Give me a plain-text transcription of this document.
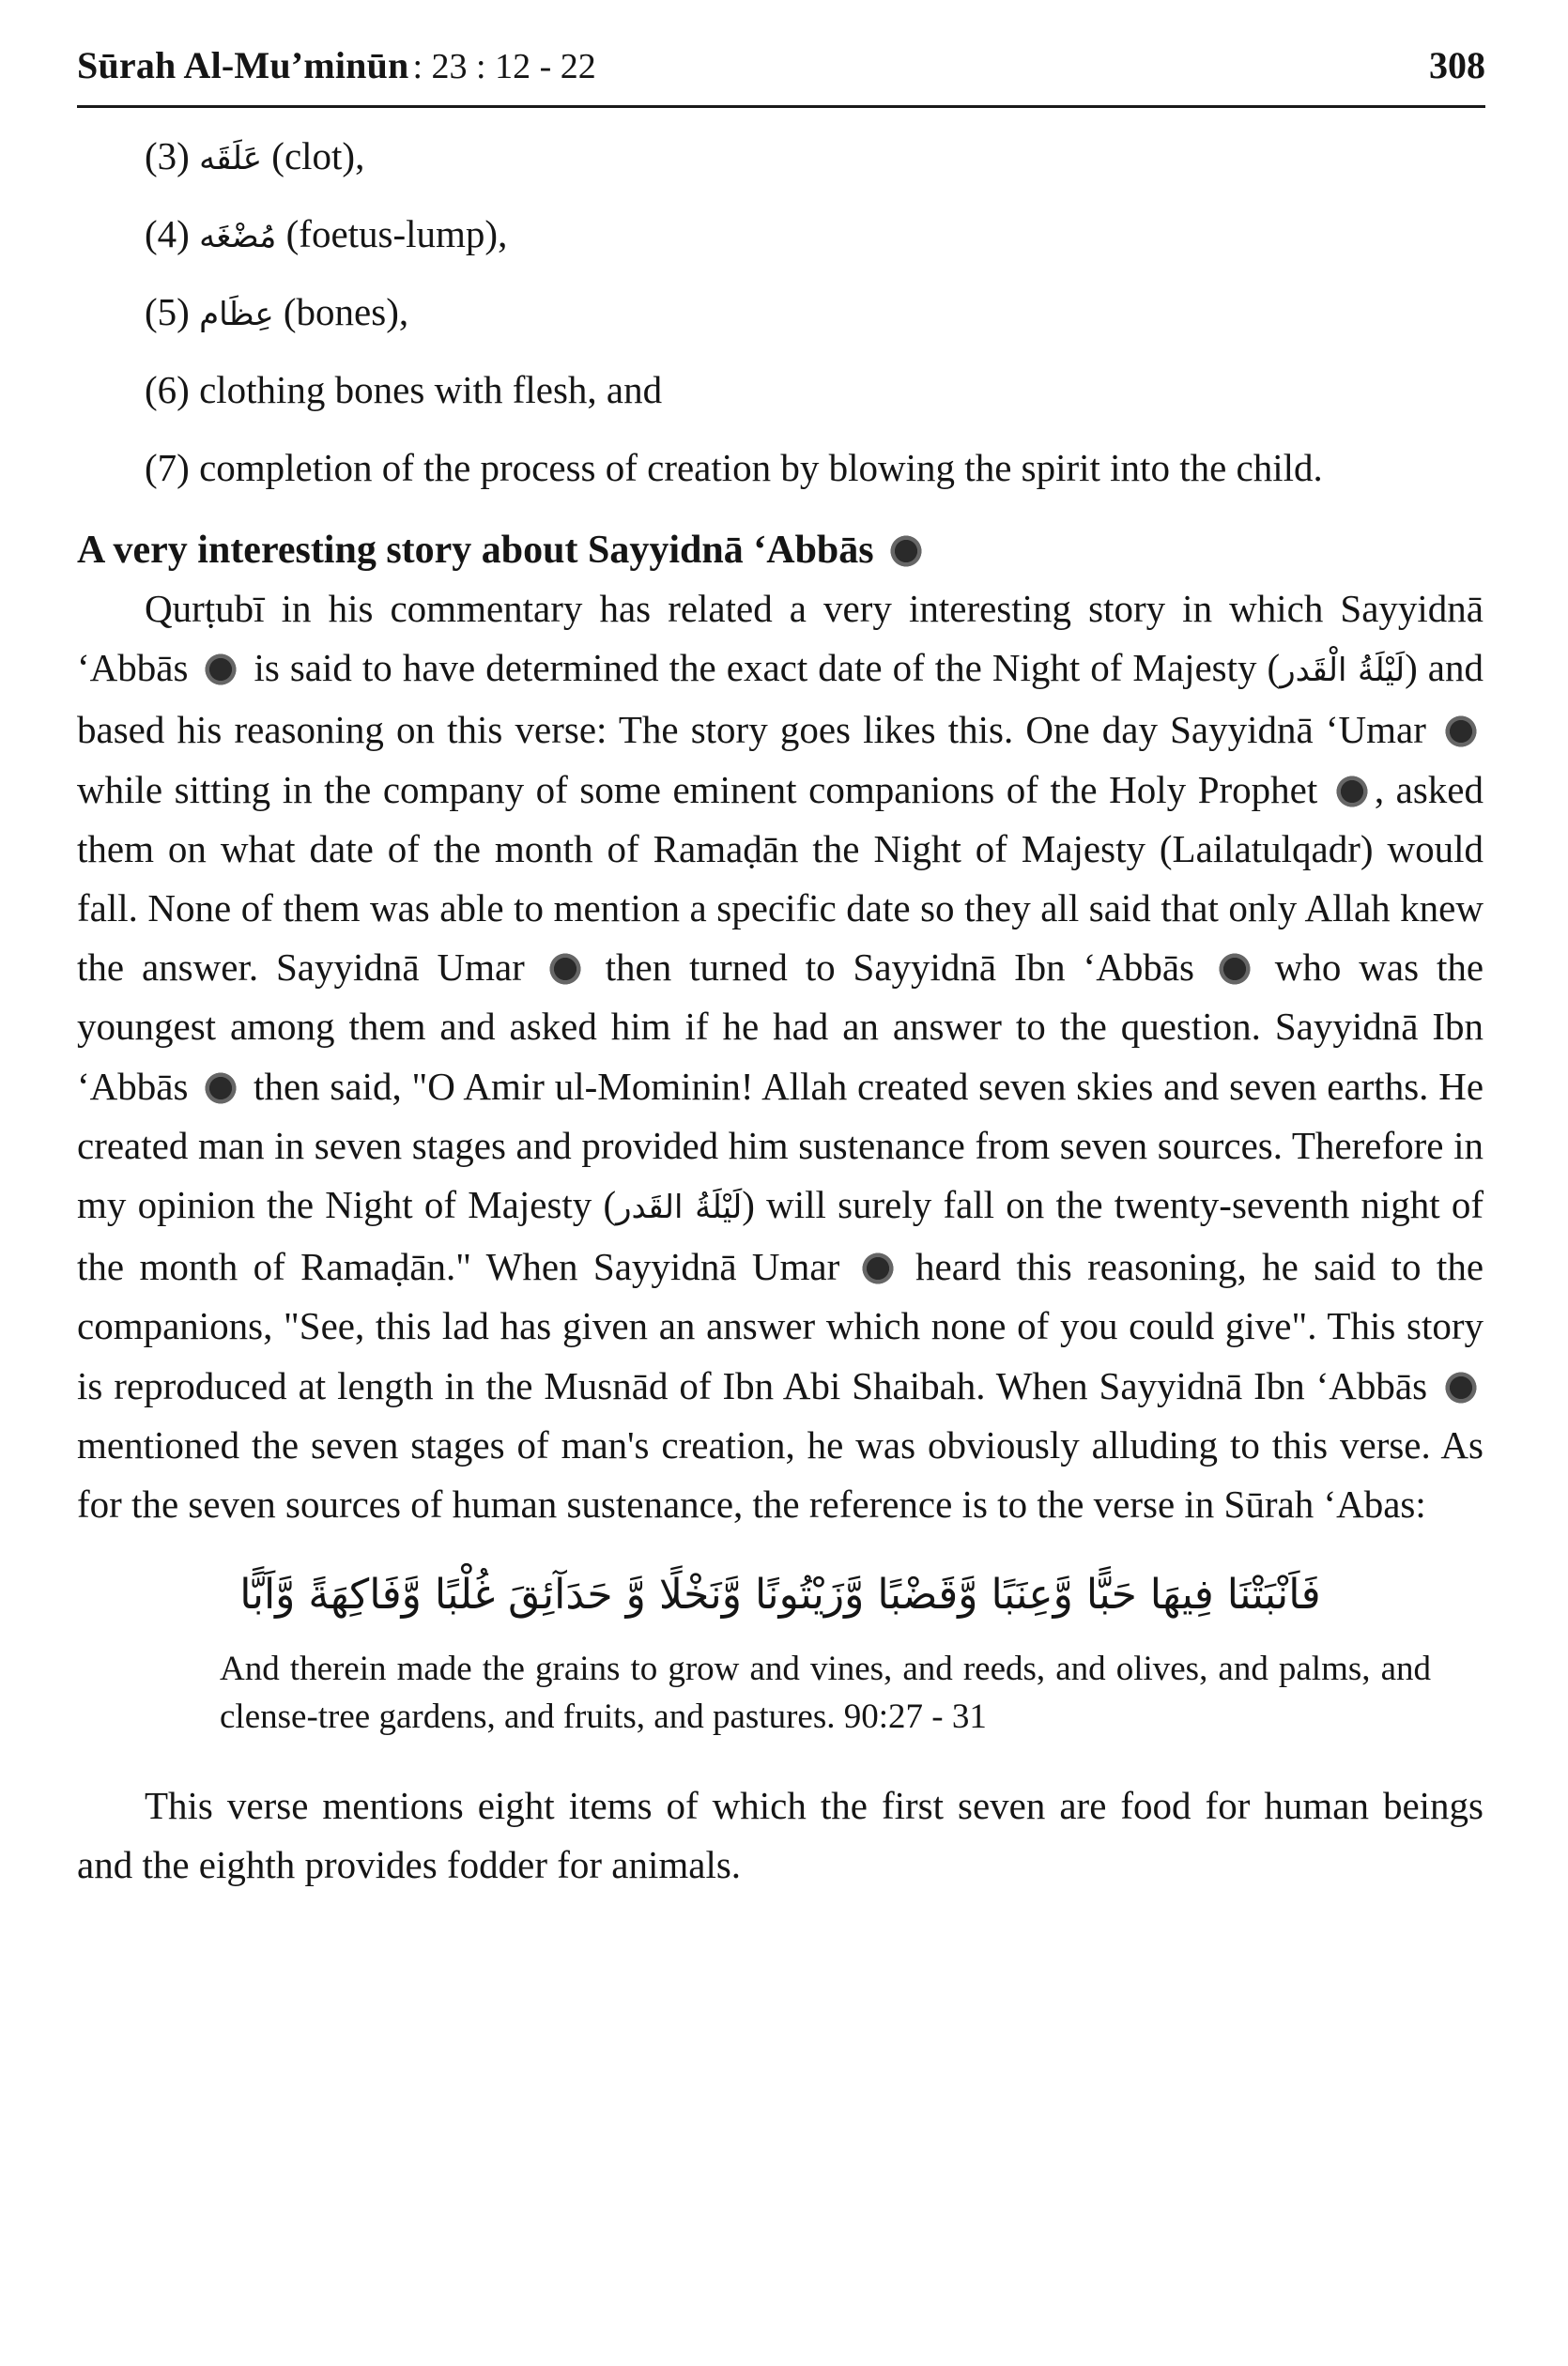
Sūrah Al-Mu’minūn : 23 : 12 - 22	308
(3) عَلَقَه (clot),
(4) مُضْغَه (foetus-lump),
(5) عِظَام (bones),
(6) clothing bones with flesh, and
(7) completion of the process of creation by blowing the spirit into the child.
A very interesting story about Sayyidnā ‘Abbās

Qurṭubī in his commentary has related a very interesting story in which Sayyidnā ‘Abbās is said to have determined the exact date of the Night of Majesty (لَيْلَةُ الْقَدر) and based his reasoning on this verse: The story goes likes this. One day Sayyidnā ‘Umar  while sitting in the company of some eminent companions of the Holy Prophet , asked them on what date of the month of Ramaḍān the Night of Majesty (Lailatulqadr) would fall. None of them was able to mention a specific date so they all said that only Allah knew the answer. Sayyidnā Umar then turned to Sayyidnā Ibn ‘Abbās who was the youngest among them and asked him if he had an answer to the question. Sayyidnā Ibn ‘Abbās then said, "O Amir ul-Mominin! Allah created seven skies and seven earths. He created man in seven stages and provided him sustenance from seven sources. Therefore in my opinion the Night of Majesty (لَيْلَةُ القَدر) will surely fall on the twenty-seventh night of the month of Ramaḍān." When Sayyidnā Umar heard this reasoning, he said to the companions, "See, this lad has given an answer which none of you could give". This story is reproduced at length in the Musnād of Ibn Abi Shaibah. When Sayyidnā Ibn ‘Abbās  mentioned the seven stages of man's creation, he was obviously alluding to this verse. As for the seven sources of human sustenance, the reference is to the verse in Sūrah ‘Abas:

فَاَنْبَتْنَا فِيهَا حَبًّا وَّعِنَبًا وَّقَضْبًا وَّزَيْتُونًا وَّنَخْلًا وَّ حَدَآئِقَ غُلْبًا وَّفَاكِهَةً وَّاَبًّا
And therein made the grains to grow and vines, and reeds, and olives, and palms, and clense-tree gardens, and fruits, and pastures. 90:27 - 31

This verse mentions eight items of which the first seven are food for human beings and the eighth provides fodder for animals.
